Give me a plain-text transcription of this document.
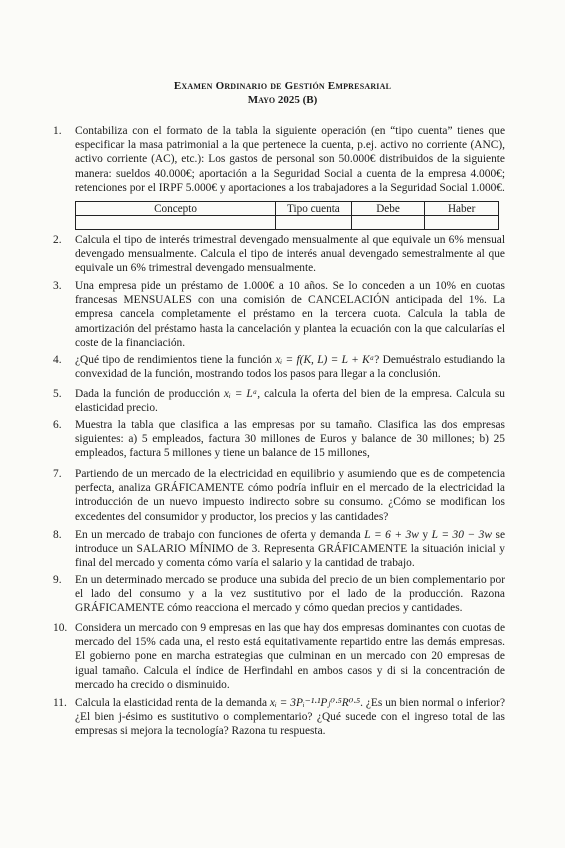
Examen Ordinario de Gestión Empresarial
Mayo 2025 (B)
1. Contabiliza con el formato de la tabla la siguiente operación (en “tipo cuenta” tienes que especificar la masa patrimonial a la que pertenece la cuenta, p.ej. activo no corriente (ANC), activo corriente (AC), etc.): Los gastos de personal son 50.000€ distribuidos de la siguiente manera: sueldos 40.000€; aportación a la Seguridad Social a cuenta de la empresa 4.000€; retenciones por el IRPF 5.000€ y aportaciones a los trabajadores a la Seguridad Social 1.000€.
Concepto	Tipo cuenta	Debe	Haber

2. Calcula el tipo de interés trimestral devengado mensualmente al que equivale un 6% mensual devengado mensualmente. Calcula el tipo de interés anual devengado semestralmente al que equivale un 6% trimestral devengado mensualmente.
3. Una empresa pide un préstamo de 1.000€ a 10 años. Se lo conceden a un 10% en cuotas francesas MENSUALES con una comisión de CANCELACIÓN anticipada del 1%. La empresa cancela completamente el préstamo en la tercera cuota. Calcula la tabla de amortización del préstamo hasta la cancelación y plantea la ecuación con la que calcularías el coste de la financiación.
4. ¿Qué tipo de rendimientos tiene la función xᵢ = f(K, L) = L + Kᵃ? Demuéstralo estudiando la convexidad de la función, mostrando todos los pasos para llegar a la conclusión.
5. Dada la función de producción xᵢ = Lᵃ, calcula la oferta del bien de la empresa. Calcula su elasticidad precio.
6. Muestra la tabla que clasifica a las empresas por su tamaño. Clasifica las dos empresas siguientes: a) 5 empleados, factura 30 millones de Euros y balance de 30 millones; b) 25 empleados, factura 5 millones y tiene un balance de 15 millones,
7. Partiendo de un mercado de la electricidad en equilibrio y asumiendo que es de competencia perfecta, analiza GRÁFICAMENTE cómo podría influir en el mercado de la electricidad la introducción de un nuevo impuesto indirecto sobre su consumo. ¿Cómo se modifican los excedentes del consumidor y productor, los precios y las cantidades?
8. En un mercado de trabajo con funciones de oferta y demanda L = 6 + 3w y L = 30 − 3w se introduce un SALARIO MÍNIMO de 3. Representa GRÁFICAMENTE la situación inicial y final del mercado y comenta cómo varía el salario y la cantidad de trabajo.
9. En un determinado mercado se produce una subida del precio de un bien complementario por el lado del consumo y a la vez sustitutivo por el lado de la producción. Razona GRÁFICAMENTE cómo reacciona el mercado y cómo quedan precios y cantidades.
10. Considera un mercado con 9 empresas en las que hay dos empresas dominantes con cuotas de mercado del 15% cada una, el resto está equitativamente repartido entre las demás empresas. El gobierno pone en marcha estrategias que culminan en un mercado con 20 empresas de igual tamaño. Calcula el índice de Herfindahl en ambos casos y di si la concentración de mercado ha crecido o disminuido.
11. Calcula la elasticidad renta de la demanda xᵢ = 3Pᵢ⁻¹·¹Pⱼ⁰·⁵R⁰·⁵. ¿Es un bien normal o inferior? ¿El bien j-ésimo es sustitutivo o complementario? ¿Qué sucede con el ingreso total de las empresas si mejora la tecnología? Razona tu respuesta.
